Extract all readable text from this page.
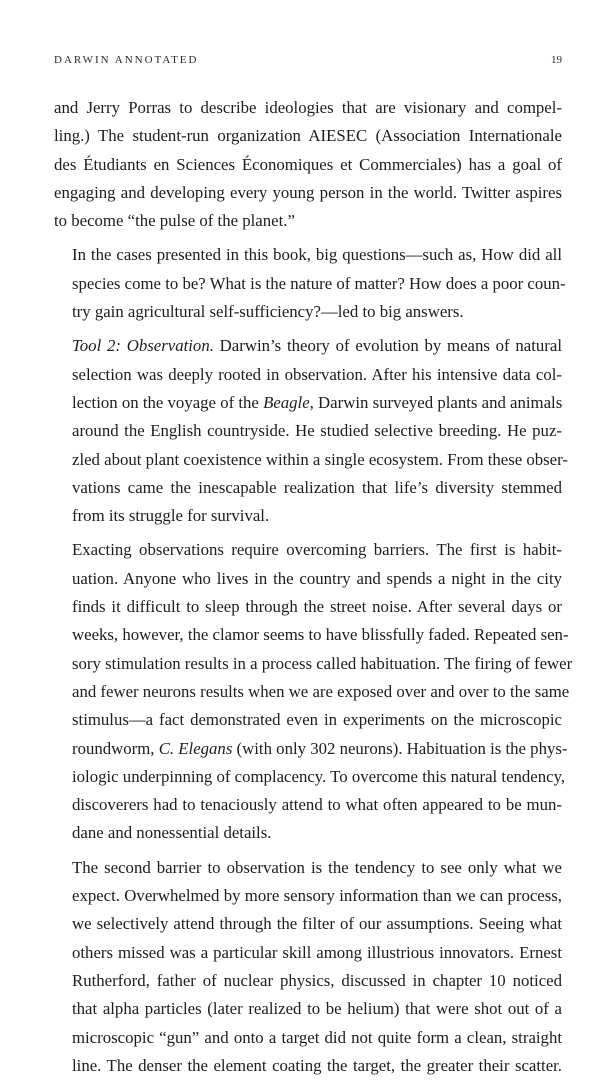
DARWIN ANNOTATED	19

and Jerry Porras to describe ideologies that are visionary and compel-
ling.) The student-run organization AIESEC (Association Internationale
des Étudiants en Sciences Économiques et Commerciales) has a goal of
engaging and developing every young person in the world. Twitter aspires
to become “the pulse of the planet.”

In the cases presented in this book, big questions—such as, How did all
species come to be? What is the nature of matter? How does a poor coun-
try gain agricultural self-sufficiency?—led to big answers.

Tool 2: Observation. Darwin’s theory of evolution by means of natural
selection was deeply rooted in observation. After his intensive data col-
lection on the voyage of the Beagle, Darwin surveyed plants and animals
around the English countryside. He studied selective breeding. He puz-
zled about plant coexistence within a single ecosystem. From these obser-
vations came the inescapable realization that life’s diversity stemmed
from its struggle for survival.

Exacting observations require overcoming barriers. The first is habit-
uation. Anyone who lives in the country and spends a night in the city
finds it difficult to sleep through the street noise. After several days or
weeks, however, the clamor seems to have blissfully faded. Repeated sen-
sory stimulation results in a process called habituation. The firing of fewer
and fewer neurons results when we are exposed over and over to the same
stimulus—a fact demonstrated even in experiments on the microscopic
roundworm, C. Elegans (with only 302 neurons). Habituation is the phys-
iologic underpinning of complacency. To overcome this natural tendency,
discoverers had to tenaciously attend to what often appeared to be mun-
dane and nonessential details.

The second barrier to observation is the tendency to see only what we
expect. Overwhelmed by more sensory information than we can process,
we selectively attend through the filter of our assumptions. Seeing what
others missed was a particular skill among illustrious innovators. Ernest
Rutherford, father of nuclear physics, discussed in chapter 10 noticed
that alpha particles (later realized to be helium) that were shot out of a
microscopic “gun” and onto a target did not quite form a clean, straight
line. The denser the element coating the target, the greater their scatter.
